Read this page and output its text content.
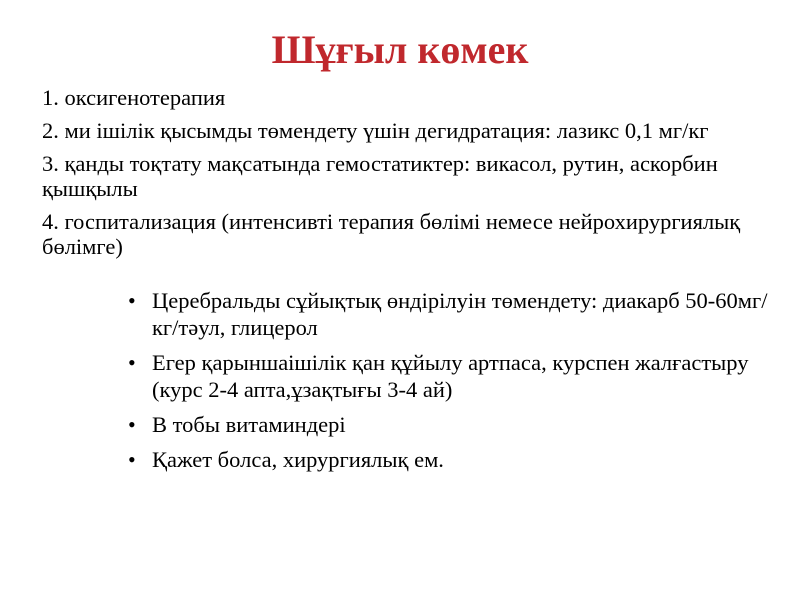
Шұғыл көмек
1. оксигенотерапия
2. ми ішілік қысымды төмендету үшін дегидратация: лазикс 0,1 мг/кг
3. қанды тоқтату мақсатында гемостатиктер: викасол, рутин, аскорбин қышқылы
4. госпитализация (интенсивті терапия бөлімі немесе нейрохирургиялық бөлімге)
• Церебральды сұйықтық өндірілуін төмендету: диакарб 50-60мг/кг/тәул, глицерол
• Егер қарыншаішілік қан құйылу артпаса, курспен жалғастыру (курс 2-4 апта,ұзақтығы 3-4 ай)
• В тобы витаминдері
• Қажет болса, хирургиялық ем.
